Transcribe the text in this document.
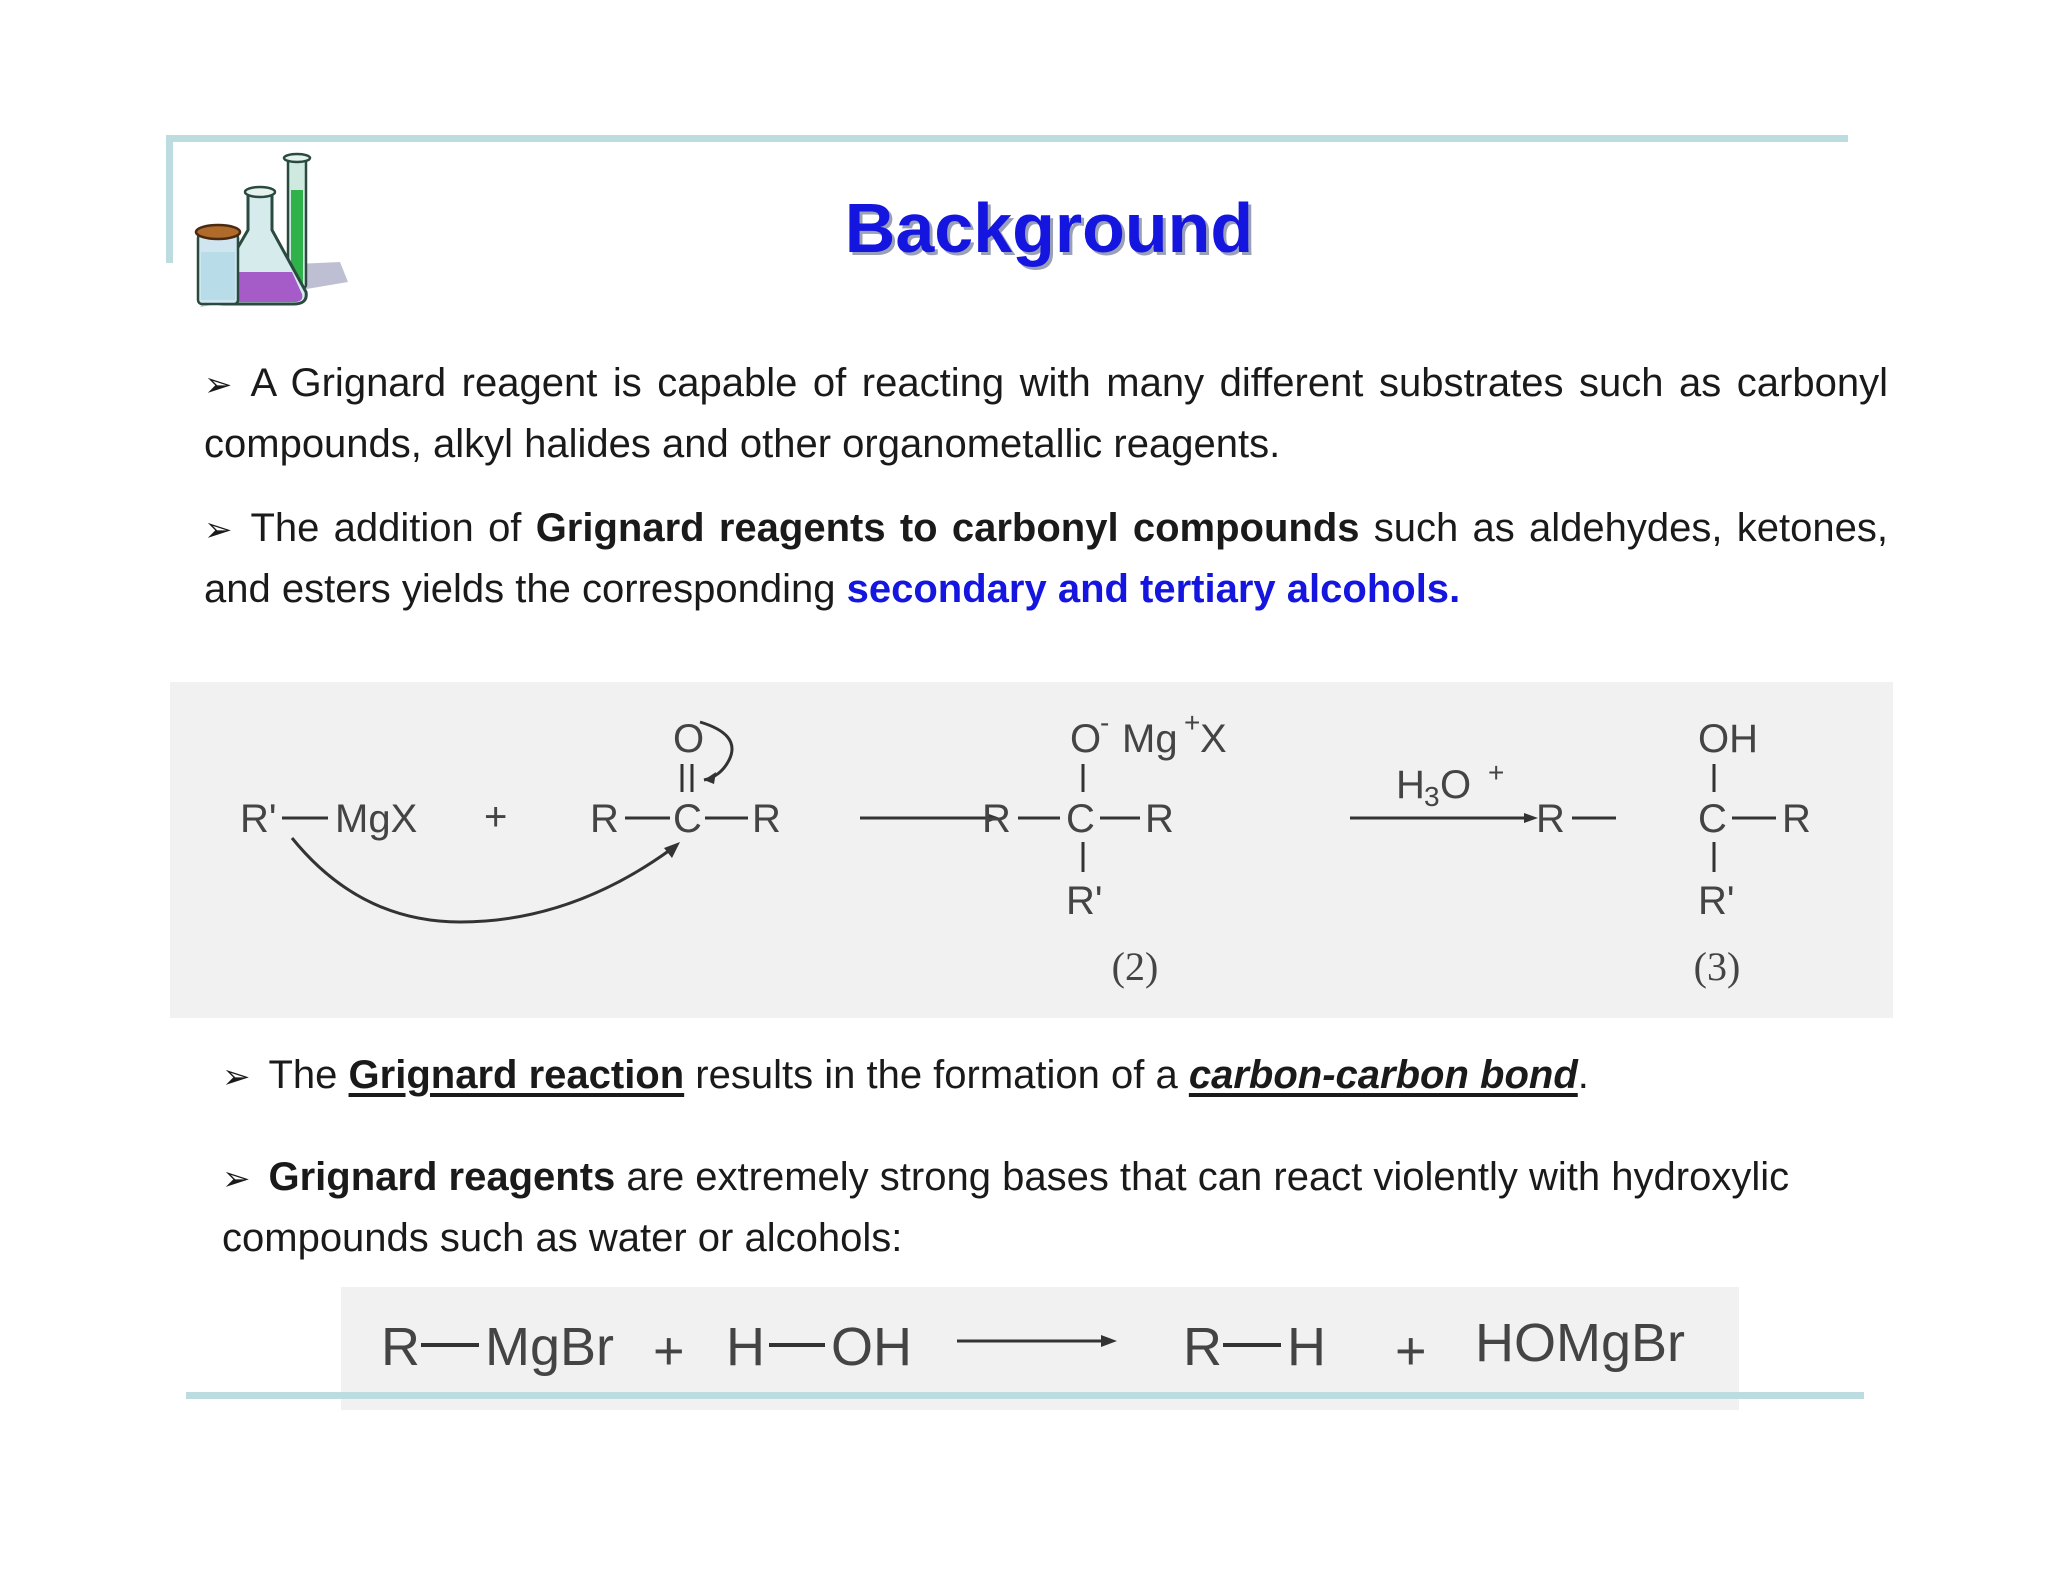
Background
➢ A Grignard reagent is capable of reacting with many different substrates such as carbonyl compounds, alkyl halides and other organometallic reagents.
➢ The addition of Grignard reagents to carbonyl compounds such as aldehydes, ketones, and esters yields the corresponding secondary and tertiary alcohols.
R' MgX + R C R
O	O
- Mg + X
C
R	R
R'
(2)
H 3 O +
OH
R	C R
R'
(3)
➢ The Grignard reaction results in the formation of a carbon-carbon bond.
➢ Grignard reagents are extremely strong bases that can react violently with hydroxylic compounds such as water or alcohols:
R MgBr + H OH	R H + HOMgBr
